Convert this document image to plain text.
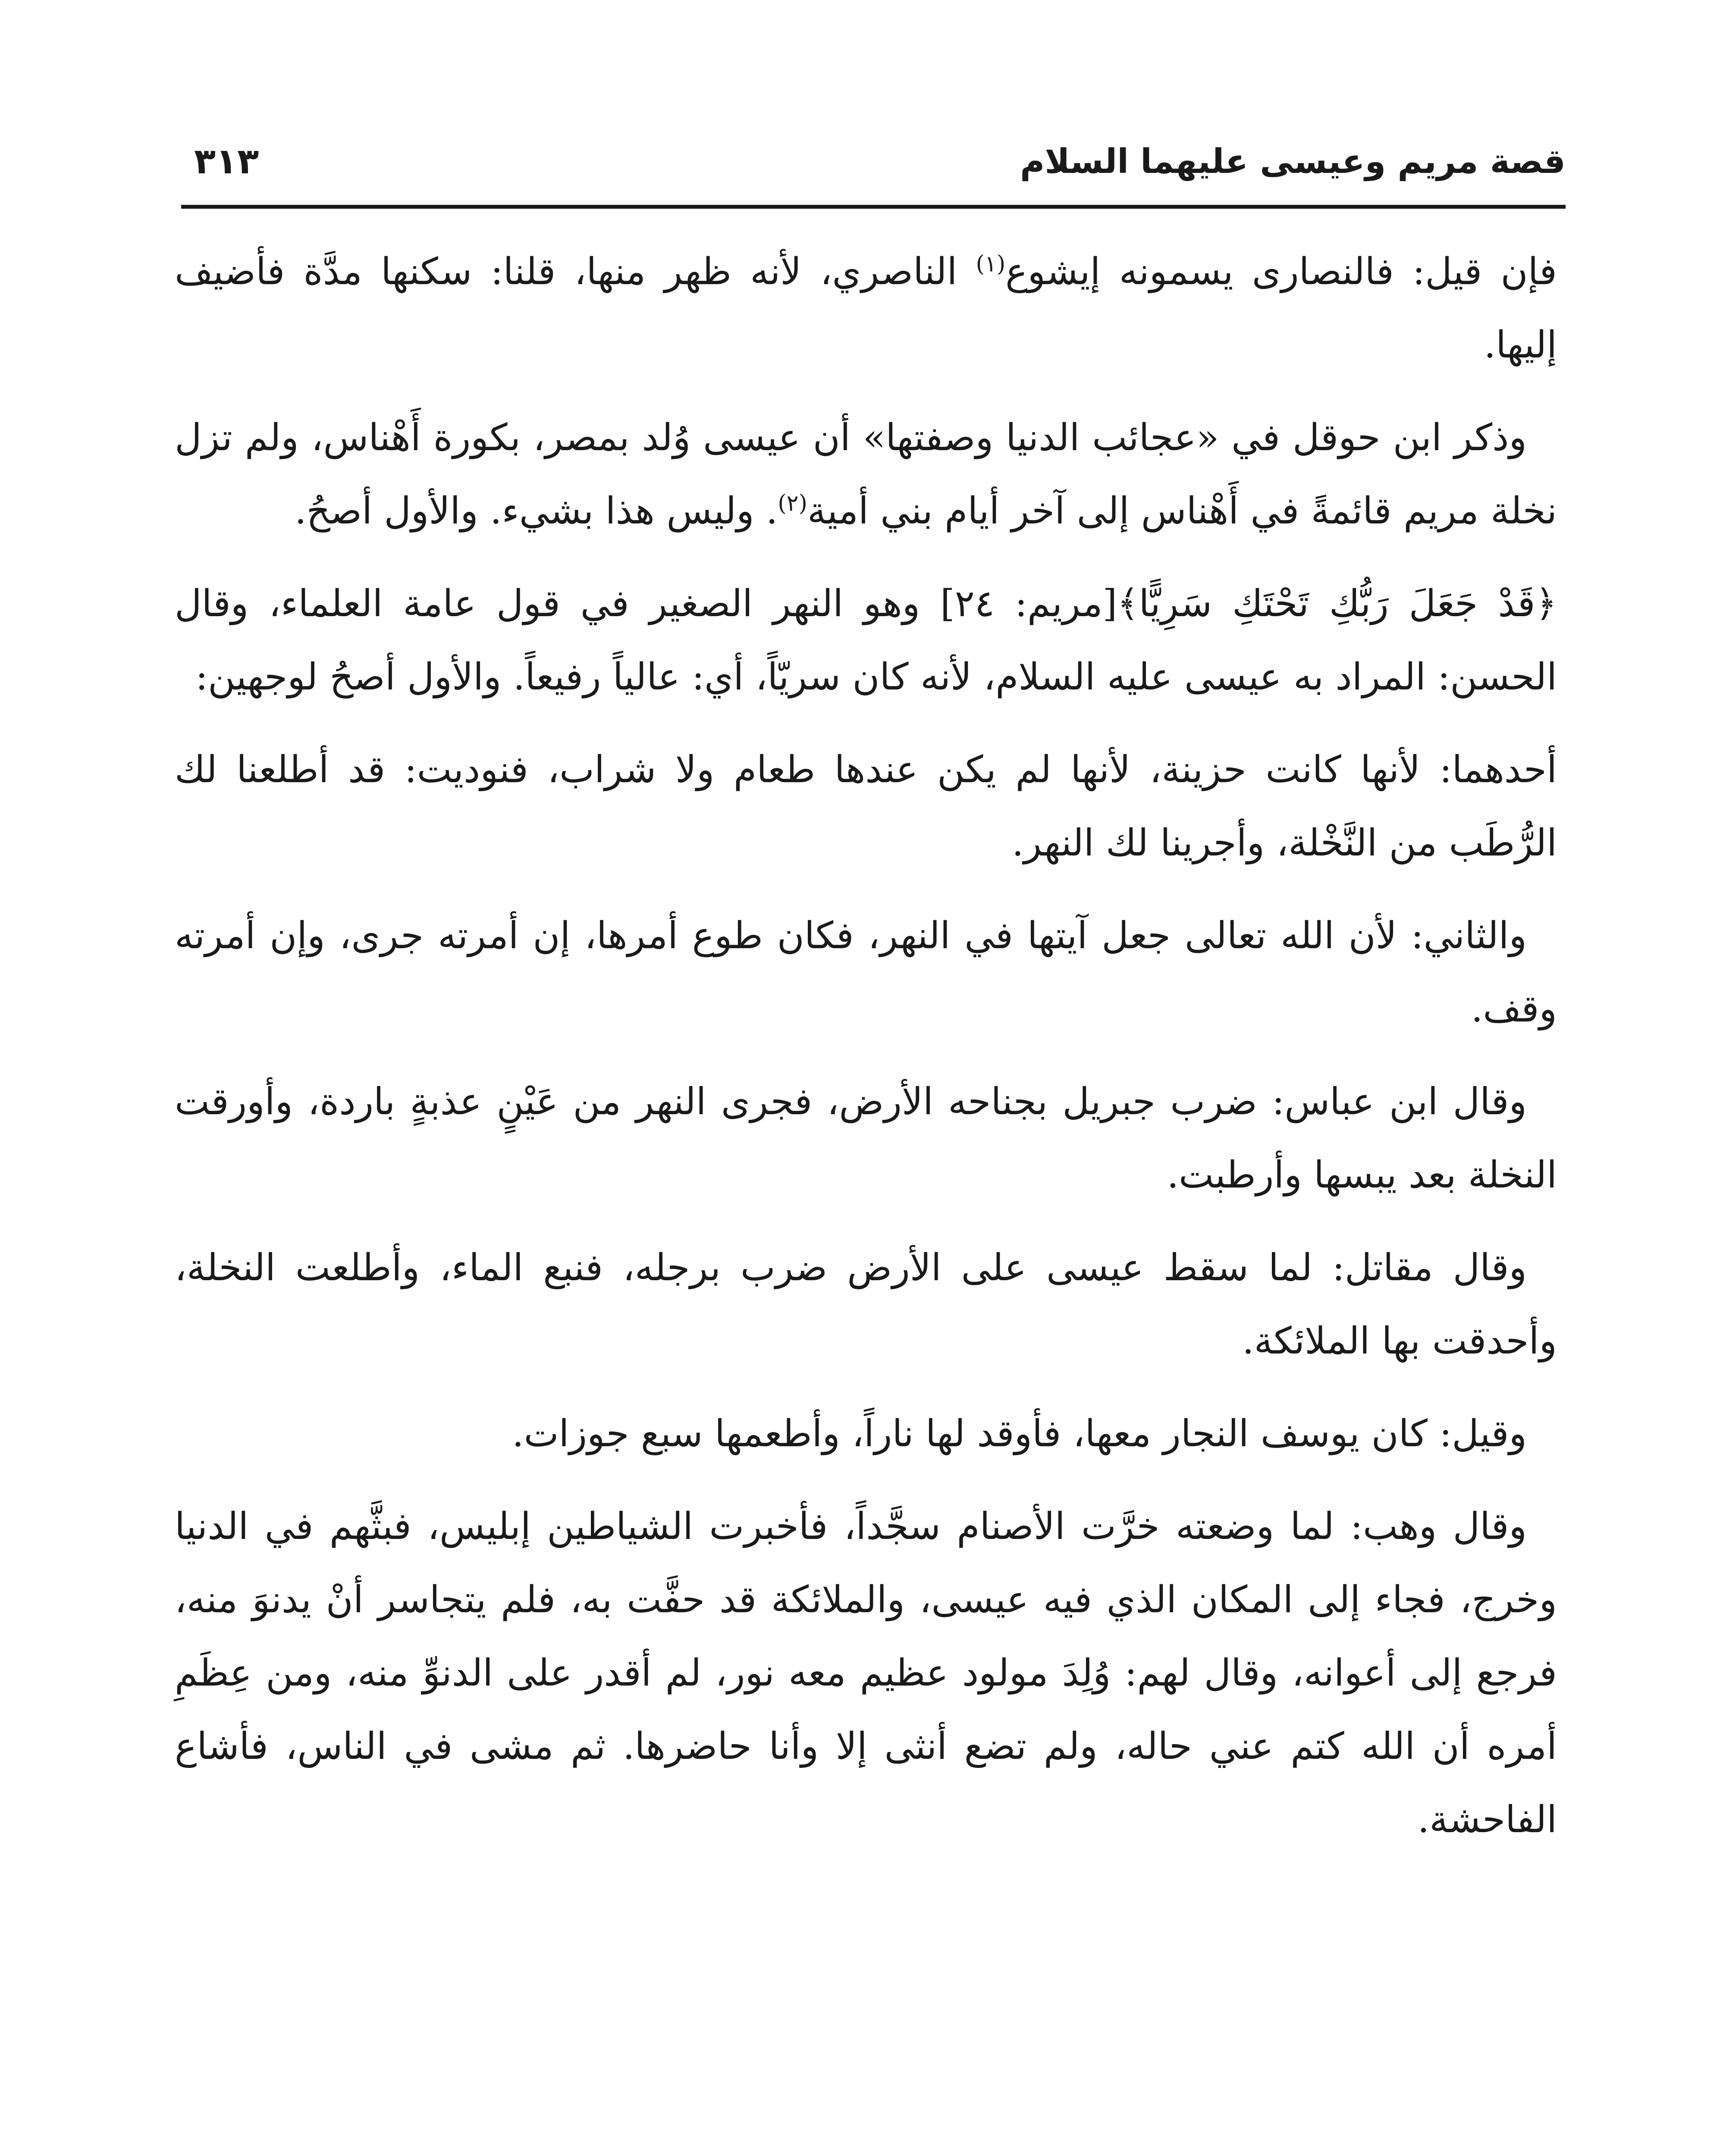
قصة مريم وعيسى عليهما السلام
٣١٣

فإن قيل: فالنصارى يسمونه إيشوع$^{(١)}$ الناصري، لأنه ظهر منها، قلنا: سكنها مدَّة فأضيف إليها.

وذكر ابن حوقل في «عجائب الدنيا وصفتها» أن عيسى وُلد بمصر، بكورة أَهْناس، ولم تزل نخلة مريم قائمةً في أَهْناس إلى آخر أيام بني أمية$^{(٢)}$. وليس هذا بشيء. والأول أصحُ.

﴿قَدْ جَعَلَ رَبُّكِ تَحْتَكِ سَرِيًّا﴾[مريم: ٢٤] وهو النهر الصغير في قول عامة العلماء، وقال الحسن: المراد به عيسى عليه السلام، لأنه كان سريّاً، أي: عالياً رفيعاً. والأول أصحُ لوجهين:

أحدهما: لأنها كانت حزينة، لأنها لم يكن عندها طعام ولا شراب، فنوديت: قد أطلعنا لك الرُّطَب من النَّخْلة، وأجرينا لك النهر.

والثاني: لأن الله تعالى جعل آيتها في النهر، فكان طوع أمرها، إن أمرته جرى، وإن أمرته وقف.

وقال ابن عباس: ضرب جبريل بجناحه الأرض، فجرى النهر من عَيْنٍ عذبةٍ باردة، وأورقت النخلة بعد يبسها وأرطبت.

وقال مقاتل: لما سقط عيسى على الأرض ضرب برجله، فنبع الماء، وأطلعت النخلة، وأحدقت بها الملائكة.

وقيل: كان يوسف النجار معها، فأوقد لها ناراً، وأطعمها سبع جوزات.

وقال وهب: لما وضعته خرَّت الأصنام سجَّداً، فأخبرت الشياطين إبليس، فبثَّهم في الدنيا وخرج، فجاء إلى المكان الذي فيه عيسى، والملائكة قد حفَّت به، فلم يتجاسر أنْ يدنوَ منه، فرجع إلى أعوانه، وقال لهم: وُلِدَ مولود عظيم معه نور، لم أقدر على الدنوِّ منه، ومن عِظَمِ أمره أن الله كتم عني حاله، ولم تضع أنثى إلا وأنا حاضرها. ثم مشى في الناس، فأشاع الفاحشة.
